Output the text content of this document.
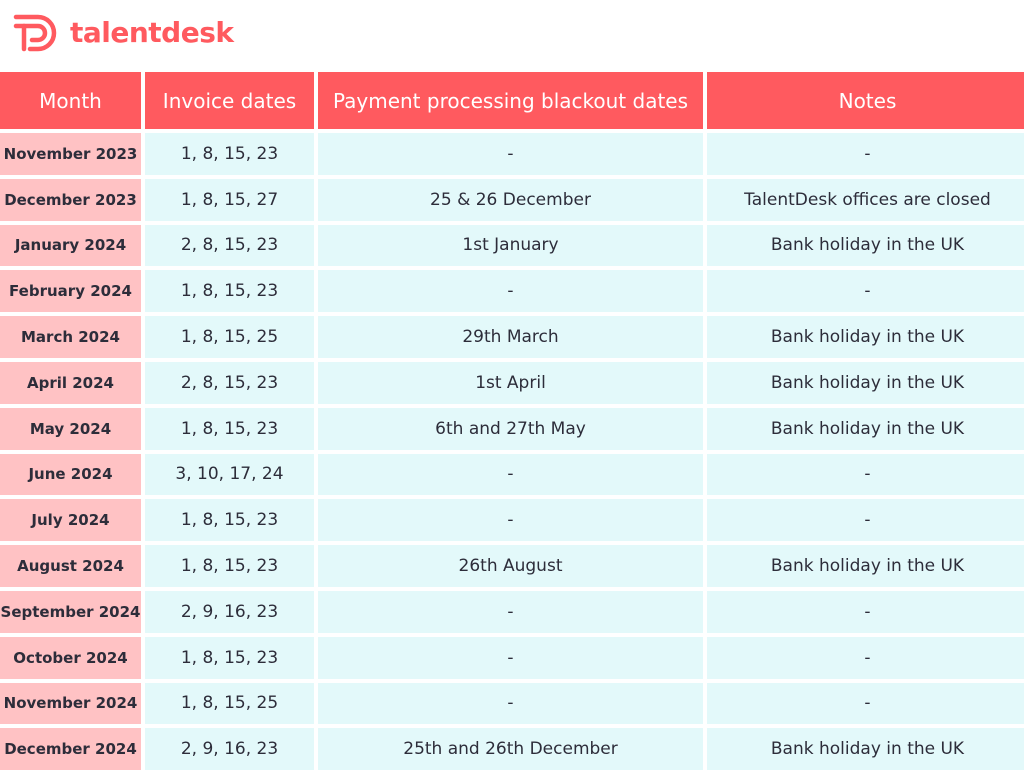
talentdesk
Month	Invoice dates	Payment processing blackout dates	Notes
November 2023	1, 8, 15, 23	-	-
December 2023	1, 8, 15, 27	25 & 26 December	TalentDesk offices are closed
January 2024	2, 8, 15, 23	1st January	Bank holiday in the UK
February 2024	1, 8, 15, 23	-	-
March 2024	1, 8, 15, 25	29th March	Bank holiday in the UK
April 2024	2, 8, 15, 23	1st April	Bank holiday in the UK
May 2024	1, 8, 15, 23	6th and 27th May	Bank holiday in the UK
June 2024	3, 10, 17, 24	-	-
July 2024	1, 8, 15, 23	-	-
August 2024	1, 8, 15, 23	26th August	Bank holiday in the UK
September 2024	2, 9, 16, 23	-	-
October 2024	1, 8, 15, 23	-	-
November 2024	1, 8, 15, 25	-	-
December 2024	2, 9, 16, 23	25th and 26th December	Bank holiday in the UK
